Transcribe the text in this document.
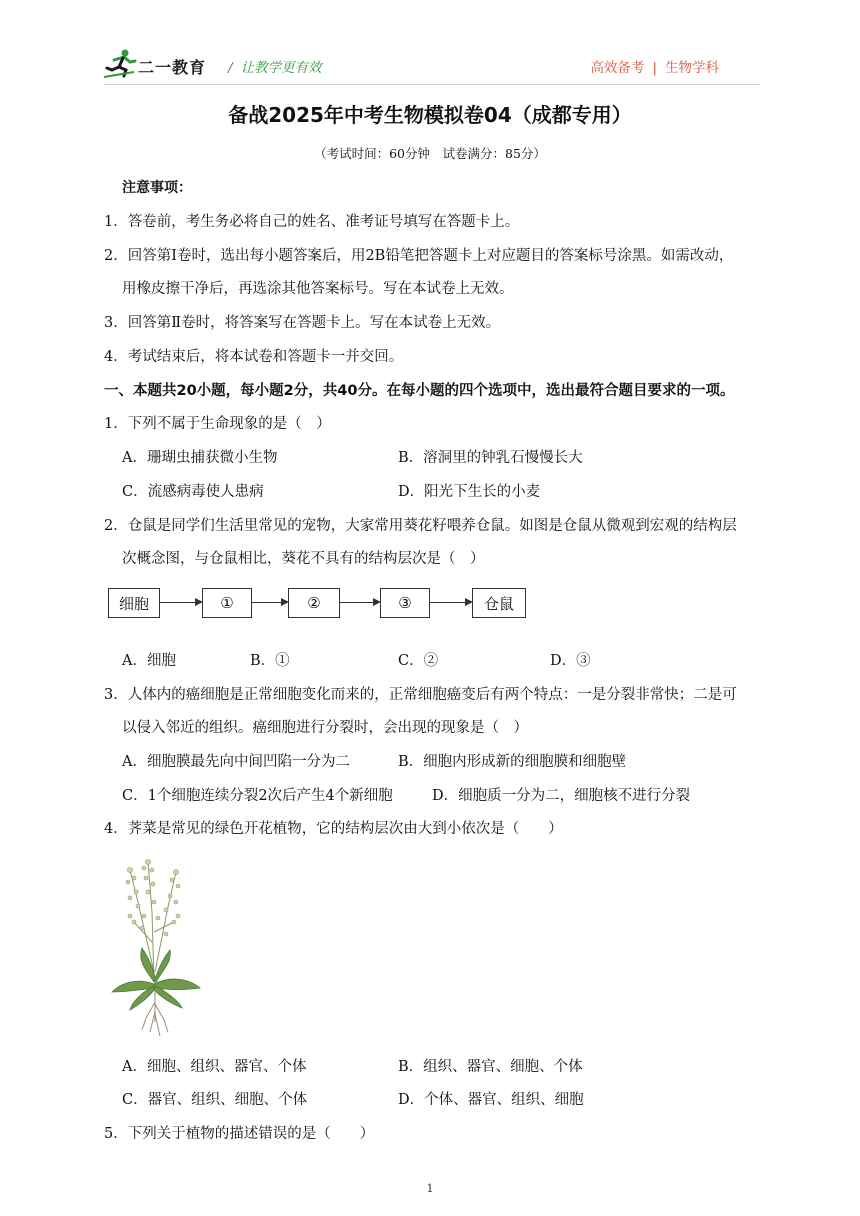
二一教育 / 让教学更有效	高效备考 | 生物学科
备战2025年中考生物模拟卷04（成都专用）
（考试时间：60分钟　试卷满分：85分）
注意事项：
1．答卷前，考生务必将自己的姓名、准考证号填写在答题卡上。
2．回答第Ⅰ卷时，选出每小题答案后，用2B铅笔把答题卡上对应题目的答案标号涂黑。如需改动，
用橡皮擦干净后，再选涂其他答案标号。写在本试卷上无效。
3．回答第Ⅱ卷时，将答案写在答题卡上。写在本试卷上无效。
4．考试结束后，将本试卷和答题卡一并交回。
一、本题共20小题，每小题2分，共40分。在每小题的四个选项中，选出最符合题目要求的一项。
1．下列不属于生命现象的是（　）
A．珊瑚虫捕获微小生物	B．溶洞里的钟乳石慢慢长大
C．流感病毒使人患病	D．阳光下生长的小麦
2．仓鼠是同学们生活里常见的宠物，大家常用葵花籽喂养仓鼠。如图是仓鼠从微观到宏观的结构层
次概念图，与仓鼠相比，葵花不具有的结构层次是（　）
细胞	①	②	③	仓鼠
A．细胞	B．①	C．②	D．③
3．人体内的癌细胞是正常细胞变化而来的，正常细胞癌变后有两个特点：一是分裂非常快；二是可
以侵入邻近的组织。癌细胞进行分裂时，会出现的现象是（　）
A．细胞膜最先向中间凹陷一分为二	B．细胞内形成新的细胞膜和细胞壁
C．1个细胞连续分裂2次后产生4个新细胞	D．细胞质一分为二，细胞核不进行分裂
4．荠菜是常见的绿色开花植物，它的结构层次由大到小依次是（　　）
A．细胞、组织、器官、个体	B．组织、器官、细胞、个体
C．器官、组织、细胞、个体	D．个体、器官、组织、细胞
5．下列关于植物的描述错误的是（　　）
1
